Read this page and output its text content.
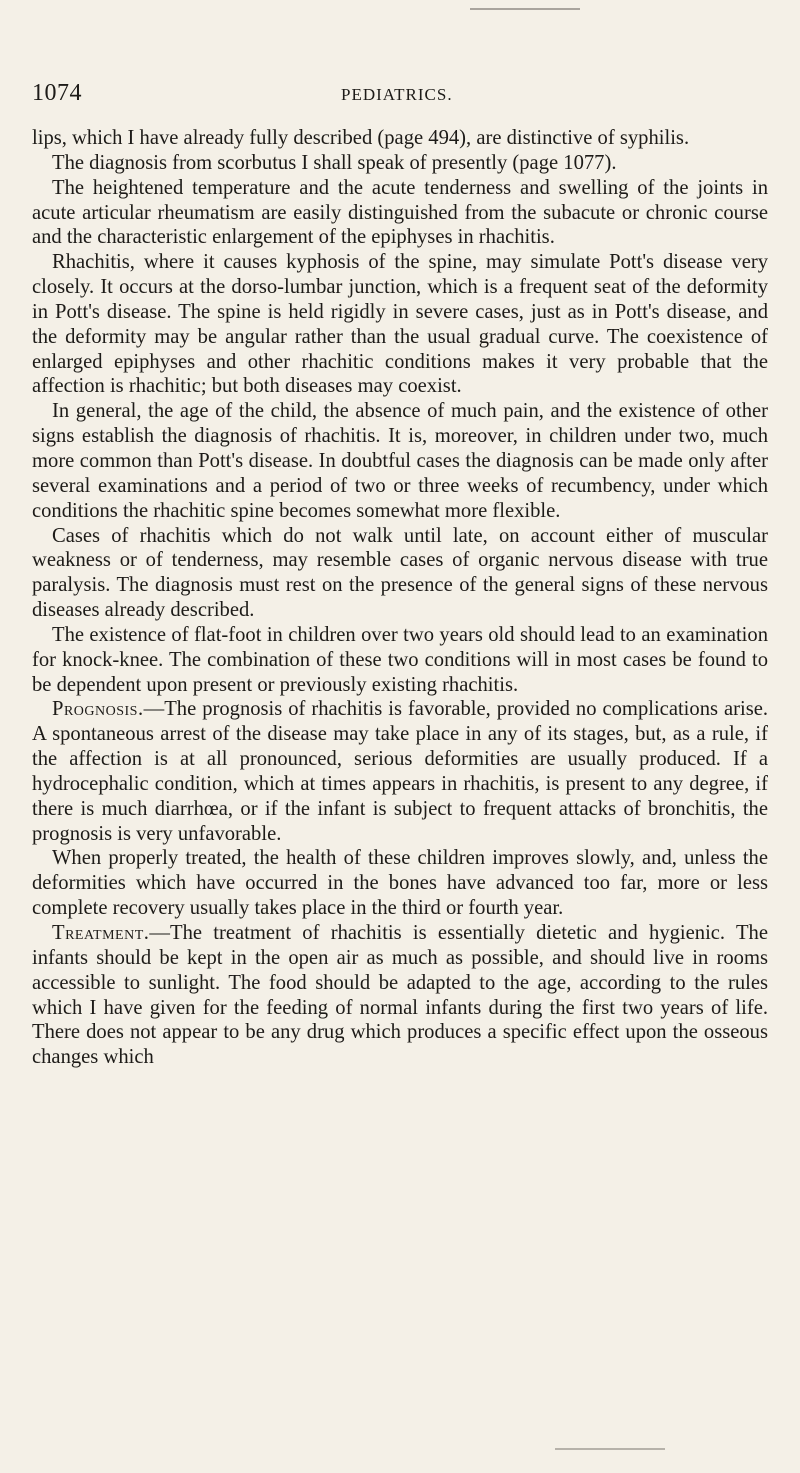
1074	PEDIATRICS.

lips, which I have already fully described (page 494), are distinctive of syphilis.

The diagnosis from scorbutus I shall speak of presently (page 1077).

The heightened temperature and the acute tenderness and swelling of the joints in acute articular rheumatism are easily distinguished from the subacute or chronic course and the characteristic enlargement of the epiphyses in rhachitis.

Rhachitis, where it causes kyphosis of the spine, may simulate Pott's disease very closely. It occurs at the dorso-lumbar junction, which is a frequent seat of the deformity in Pott's disease. The spine is held rigidly in severe cases, just as in Pott's disease, and the deformity may be angular rather than the usual gradual curve. The coexistence of enlarged epiphyses and other rhachitic conditions makes it very probable that the affection is rhachitic; but both diseases may coexist.

In general, the age of the child, the absence of much pain, and the existence of other signs establish the diagnosis of rhachitis. It is, moreover, in children under two, much more common than Pott's disease. In doubtful cases the diagnosis can be made only after several examinations and a period of two or three weeks of recumbency, under which conditions the rhachitic spine becomes somewhat more flexible.

Cases of rhachitis which do not walk until late, on account either of muscular weakness or of tenderness, may resemble cases of organic nervous disease with true paralysis. The diagnosis must rest on the presence of the general signs of these nervous diseases already described.

The existence of flat-foot in children over two years old should lead to an examination for knock-knee. The combination of these two conditions will in most cases be found to be dependent upon present or previously existing rhachitis.

Prognosis.—The prognosis of rhachitis is favorable, provided no complications arise. A spontaneous arrest of the disease may take place in any of its stages, but, as a rule, if the affection is at all pronounced, serious deformities are usually produced. If a hydrocephalic condition, which at times appears in rhachitis, is present to any degree, if there is much diarrhœa, or if the infant is subject to frequent attacks of bronchitis, the prognosis is very unfavorable.

When properly treated, the health of these children improves slowly, and, unless the deformities which have occurred in the bones have advanced too far, more or less complete recovery usually takes place in the third or fourth year.

Treatment.—The treatment of rhachitis is essentially dietetic and hygienic. The infants should be kept in the open air as much as possible, and should live in rooms accessible to sunlight. The food should be adapted to the age, according to the rules which I have given for the feeding of normal infants during the first two years of life. There does not appear to be any drug which produces a specific effect upon the osseous changes which
